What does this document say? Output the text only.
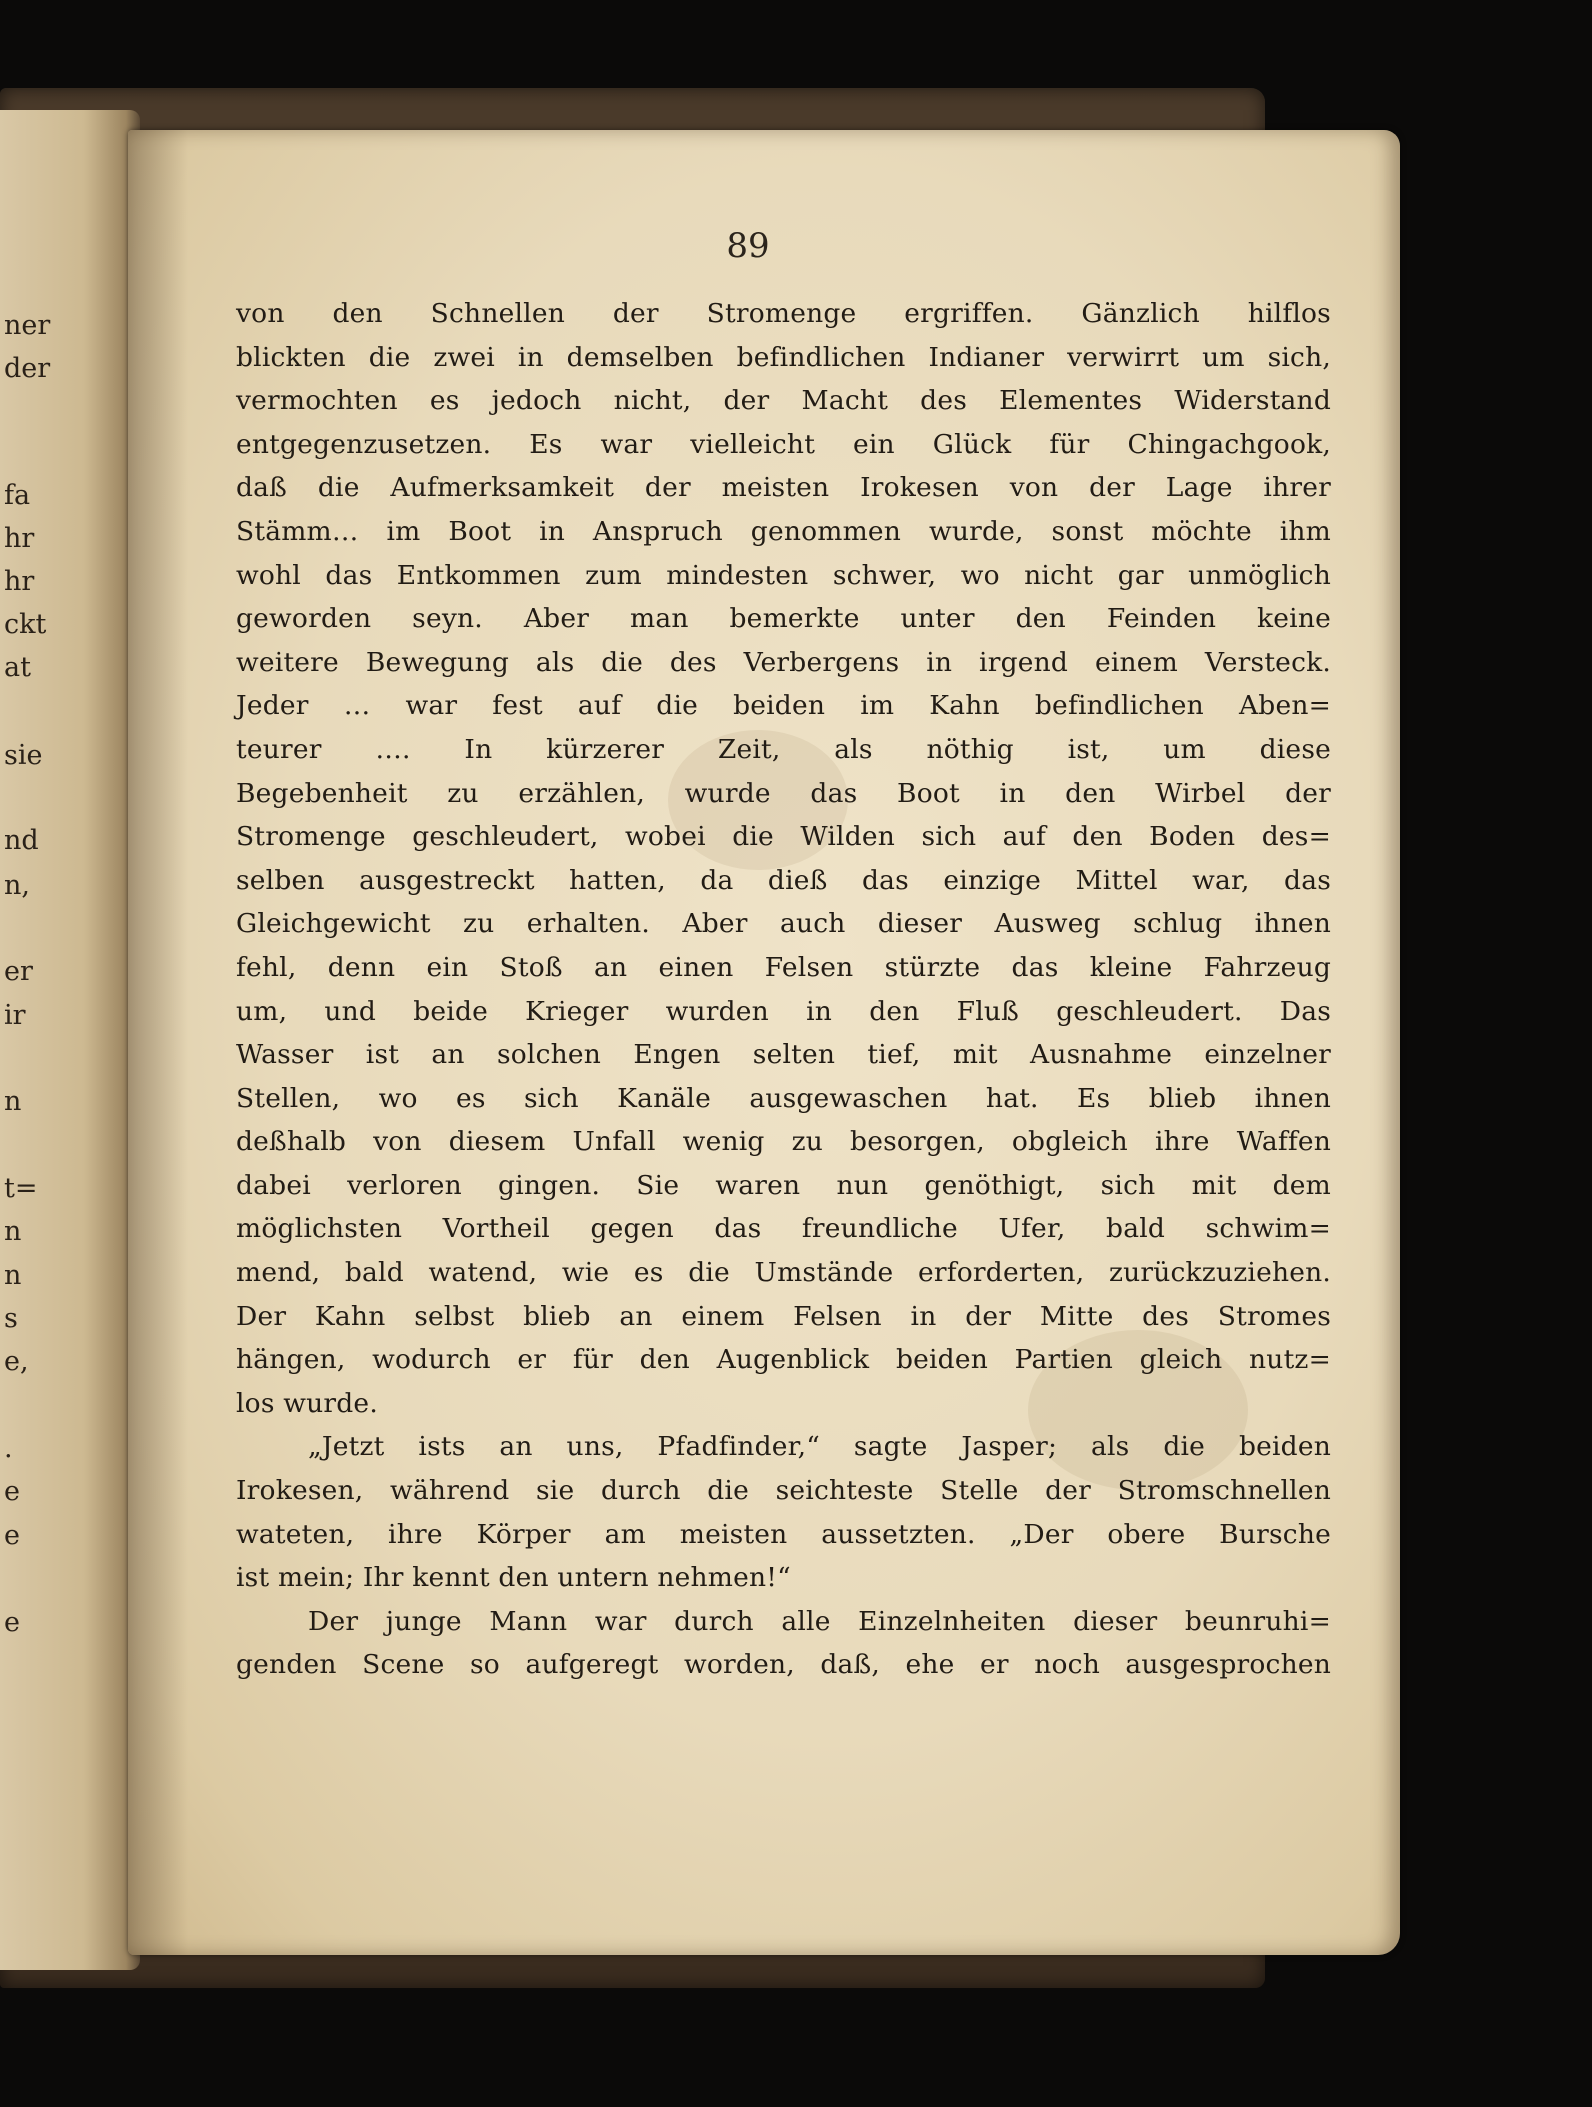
ner
der
fa
hr
hr
ckt
at
sie
nd
n,
er
ir
n
t=
n
n
s
e,
.
e
e
e
89
von den Schnellen der Stromenge ergriffen. Gänzlich hilflos
blickten die zwei in demselben befindlichen Indianer verwirrt um sich,
vermochten es jedoch nicht, der Macht des Elementes Widerstand
entgegenzusetzen. Es war vielleicht ein Glück für Chingachgook,
daß die Aufmerksamkeit der meisten Irokesen von der Lage ihrer
Stämm… im Boot in Anspruch genommen wurde, sonst möchte ihm
wohl das Entkommen zum mindesten schwer, wo nicht gar unmöglich
geworden seyn. Aber man bemerkte unter den Feinden keine
weitere Bewegung als die des Verbergens in irgend einem Versteck.
Jeder … war fest auf die beiden im Kahn befindlichen Aben=
teurer …. In kürzerer Zeit, als nöthig ist, um diese
Begebenheit zu erzählen, wurde das Boot in den Wirbel der
Stromenge geschleudert, wobei die Wilden sich auf den Boden des=
selben ausgestreckt hatten, da dieß das einzige Mittel war, das
Gleichgewicht zu erhalten. Aber auch dieser Ausweg schlug ihnen
fehl, denn ein Stoß an einen Felsen stürzte das kleine Fahrzeug
um, und beide Krieger wurden in den Fluß geschleudert. Das
Wasser ist an solchen Engen selten tief, mit Ausnahme einzelner
Stellen, wo es sich Kanäle ausgewaschen hat. Es blieb ihnen
deßhalb von diesem Unfall wenig zu besorgen, obgleich ihre Waffen
dabei verloren gingen. Sie waren nun genöthigt, sich mit dem
möglichsten Vortheil gegen das freundliche Ufer, bald schwim=
mend, bald watend, wie es die Umstände erforderten, zurückzuziehen.
Der Kahn selbst blieb an einem Felsen in der Mitte des Stromes
hängen, wodurch er für den Augenblick beiden Partien gleich nutz=
los wurde.
„Jetzt ists an uns, Pfadfinder,“ sagte Jasper; als die beiden
Irokesen, während sie durch die seichteste Stelle der Stromschnellen
wateten, ihre Körper am meisten aussetzten. „Der obere Bursche
ist mein; Ihr kennt den untern nehmen!“
Der junge Mann war durch alle Einzelnheiten dieser beunruhi=
genden Scene so aufgeregt worden, daß, ehe er noch ausgesprochen
